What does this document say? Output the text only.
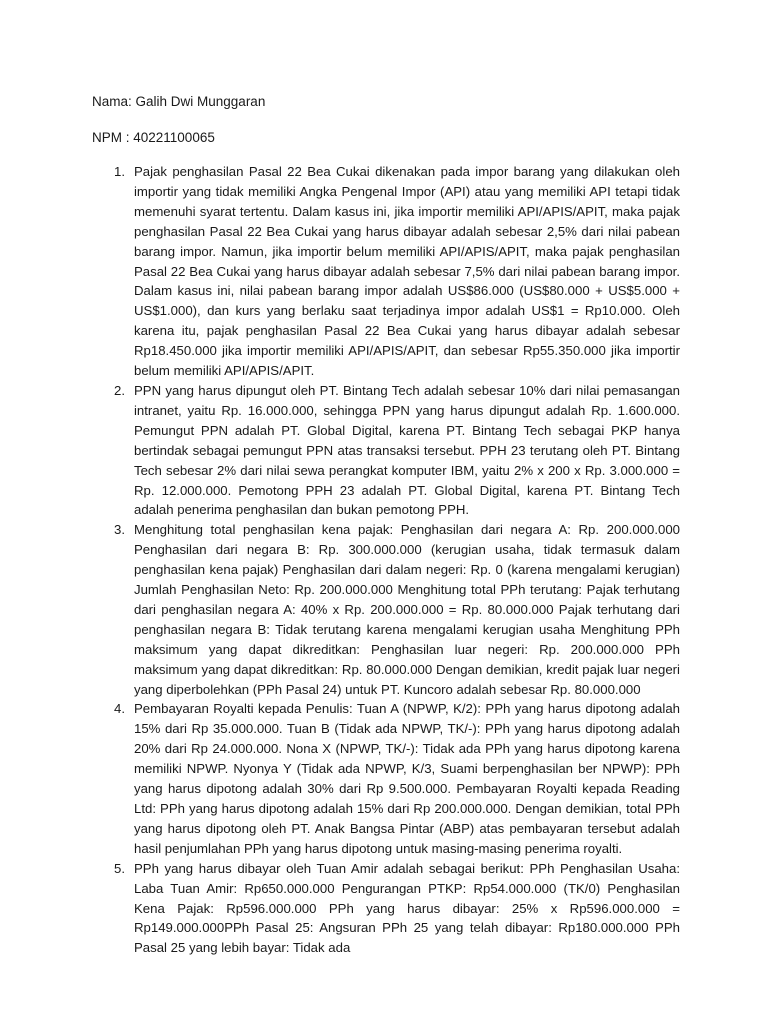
Nama: Galih Dwi Munggaran

NPM : 40221100065

1. Pajak penghasilan Pasal 22 Bea Cukai dikenakan pada impor barang yang dilakukan oleh importir yang tidak memiliki Angka Pengenal Impor (API) atau yang memiliki API tetapi tidak memenuhi syarat tertentu. Dalam kasus ini, jika importir memiliki API/APIS/APIT, maka pajak penghasilan Pasal 22 Bea Cukai yang harus dibayar adalah sebesar 2,5% dari nilai pabean barang impor. Namun, jika importir belum memiliki API/APIS/APIT, maka pajak penghasilan Pasal 22 Bea Cukai yang harus dibayar adalah sebesar 7,5% dari nilai pabean barang impor. Dalam kasus ini, nilai pabean barang impor adalah US$86.000 (US$80.000 + US$5.000 + US$1.000), dan kurs yang berlaku saat terjadinya impor adalah US$1 = Rp10.000. Oleh karena itu, pajak penghasilan Pasal 22 Bea Cukai yang harus dibayar adalah sebesar Rp18.450.000 jika importir memiliki API/APIS/APIT, dan sebesar Rp55.350.000 jika importir belum memiliki API/APIS/APIT.
2. PPN yang harus dipungut oleh PT. Bintang Tech adalah sebesar 10% dari nilai pemasangan intranet, yaitu Rp. 16.000.000, sehingga PPN yang harus dipungut adalah Rp. 1.600.000. Pemungut PPN adalah PT. Global Digital, karena PT. Bintang Tech sebagai PKP hanya bertindak sebagai pemungut PPN atas transaksi tersebut. PPH 23 terutang oleh PT. Bintang Tech sebesar 2% dari nilai sewa perangkat komputer IBM, yaitu 2% x 200 x Rp. 3.000.000 = Rp. 12.000.000. Pemotong PPH 23 adalah PT. Global Digital, karena PT. Bintang Tech adalah penerima penghasilan dan bukan pemotong PPH.
3. Menghitung total penghasilan kena pajak: Penghasilan dari negara A: Rp. 200.000.000 Penghasilan dari negara B: Rp. 300.000.000 (kerugian usaha, tidak termasuk dalam penghasilan kena pajak) Penghasilan dari dalam negeri: Rp. 0 (karena mengalami kerugian) Jumlah Penghasilan Neto: Rp. 200.000.000 Menghitung total PPh terutang: Pajak terhutang dari penghasilan negara A: 40% x Rp. 200.000.000 = Rp. 80.000.000 Pajak terhutang dari penghasilan negara B: Tidak terutang karena mengalami kerugian usaha Menghitung PPh maksimum yang dapat dikreditkan: Penghasilan luar negeri: Rp. 200.000.000 PPh maksimum yang dapat dikreditkan: Rp. 80.000.000 Dengan demikian, kredit pajak luar negeri yang diperbolehkan (PPh Pasal 24) untuk PT. Kuncoro adalah sebesar Rp. 80.000.000
4. Pembayaran Royalti kepada Penulis: Tuan A (NPWP, K/2): PPh yang harus dipotong adalah 15% dari Rp 35.000.000. Tuan B (Tidak ada NPWP, TK/-): PPh yang harus dipotong adalah 20% dari Rp 24.000.000. Nona X (NPWP, TK/-): Tidak ada PPh yang harus dipotong karena memiliki NPWP. Nyonya Y (Tidak ada NPWP, K/3, Suami berpenghasilan ber NPWP): PPh yang harus dipotong adalah 30% dari Rp 9.500.000. Pembayaran Royalti kepada Reading Ltd: PPh yang harus dipotong adalah 15% dari Rp 200.000.000. Dengan demikian, total PPh yang harus dipotong oleh PT. Anak Bangsa Pintar (ABP) atas pembayaran tersebut adalah hasil penjumlahan PPh yang harus dipotong untuk masing-masing penerima royalti.
5. PPh yang harus dibayar oleh Tuan Amir adalah sebagai berikut: PPh Penghasilan Usaha: Laba Tuan Amir: Rp650.000.000 Pengurangan PTKP: Rp54.000.000 (TK/0) Penghasilan Kena Pajak: Rp596.000.000 PPh yang harus dibayar: 25% x Rp596.000.000 = Rp149.000.000PPh Pasal 25: Angsuran PPh 25 yang telah dibayar: Rp180.000.000 PPh Pasal 25 yang lebih bayar: Tidak ada
